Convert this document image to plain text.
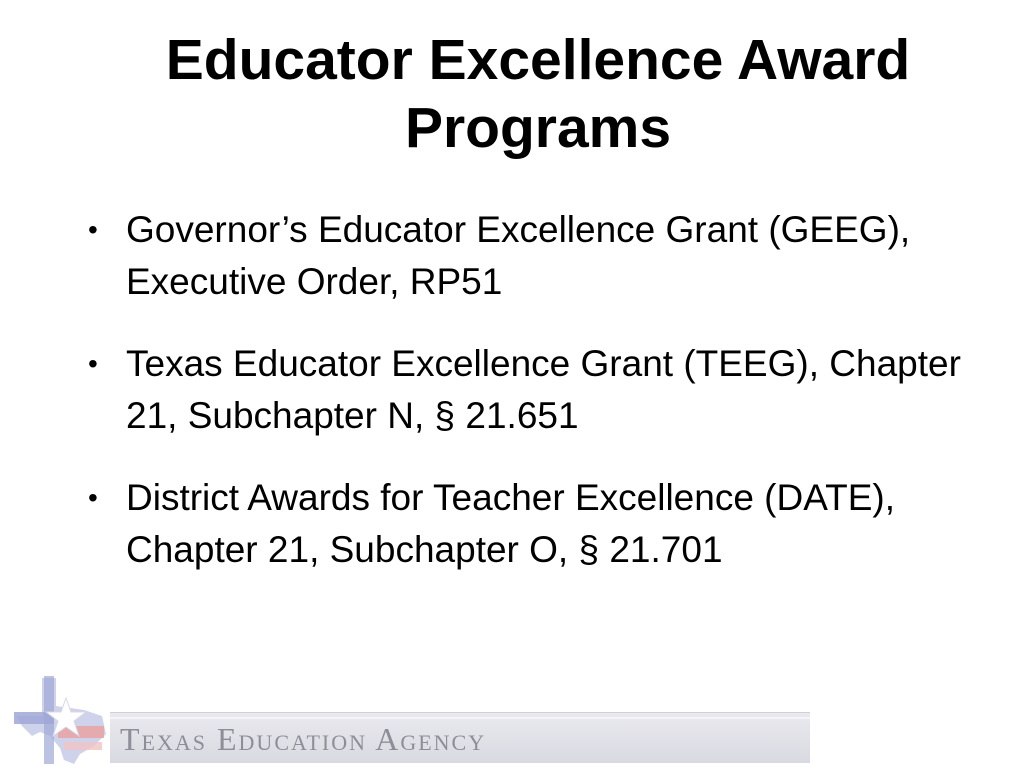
Educator Excellence Award Programs
• Governor’s Educator Excellence Grant (GEEG), Executive Order, RP51
• Texas Educator Excellence Grant (TEEG), Chapter 21, Subchapter N, § 21.651
• District Awards for Teacher Excellence (DATE), Chapter 21, Subchapter O, § 21.701
Texas Education Agency
